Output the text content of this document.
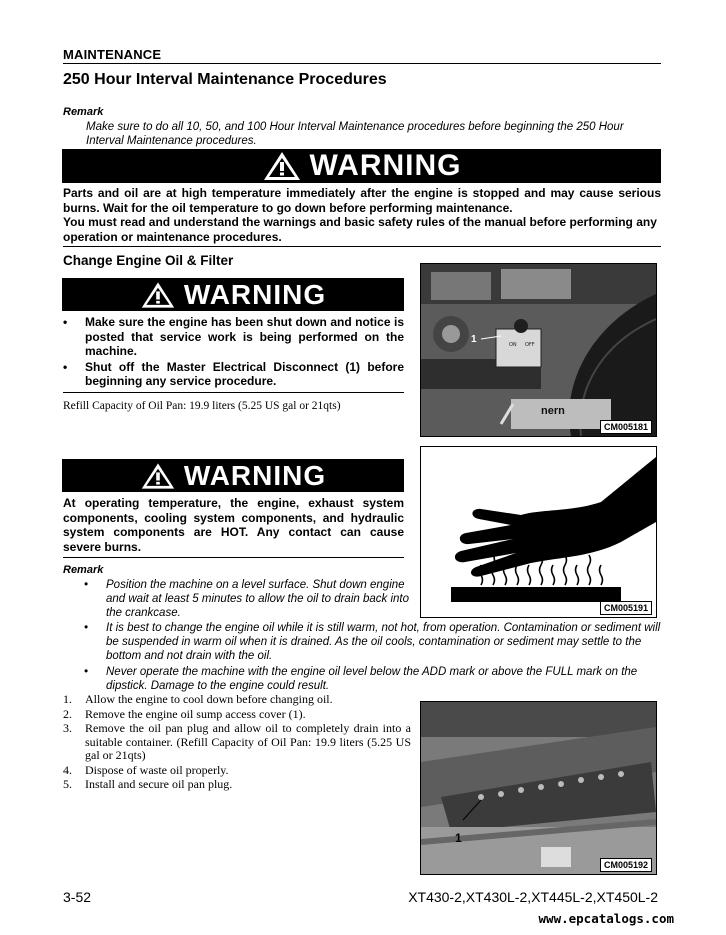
MAINTENANCE
250 Hour Interval Maintenance Procedures
Remark
Make sure to do all 10, 50, and 100 Hour Interval Maintenance procedures before beginning the 250 Hour Interval Maintenance procedures.
WARNING
Parts and oil are at high temperature immediately after the engine is stopped and may cause serious burns. Wait for the oil temperature to go down before performing maintenance.
You must read and understand the warnings and basic safety rules of the manual before performing any operation or maintenance procedures.
Change Engine Oil & Filter
WARNING
• Make sure the engine has been shut down and notice is posted that service work is being performed on the machine.
• Shut off the Master Electrical Disconnect (1) before beginning any service procedure.
Refill Capacity of Oil Pan: 19.9 liters (5.25 US gal or 21qts)
ON OFF
nern
1
CM005181
WARNING
At operating temperature, the engine, exhaust system components, cooling system components, and hydraulic system components are HOT. Any contact can cause severe burns.
CM005191
Remark
• Position the machine on a level surface. Shut down engine and wait at least 5 minutes to allow the oil to drain back into the crankcase.
• It is best to change the engine oil while it is still warm, not hot, from operation. Contamination or sediment will be suspended in warm oil when it is drained. As the oil cools, contamination or sediment may settle to the bottom and not drain with the oil.
• Never operate the machine with the engine oil level below the ADD mark or above the FULL mark on the dipstick. Damage to the engine could result.
1. Allow the engine to cool down before changing oil.
2. Remove the engine oil sump access cover (1).
3. Remove the oil pan plug and allow oil to completely drain into a suitable container. (Refill Capacity of Oil Pan: 19.9 liters (5.25 US gal or 21qts)
4. Dispose of waste oil properly.
5. Install and secure oil pan plug.
1
CM005192
3-52	XT430-2,XT430L-2,XT445L-2,XT450L-2
www.epcatalogs.com
